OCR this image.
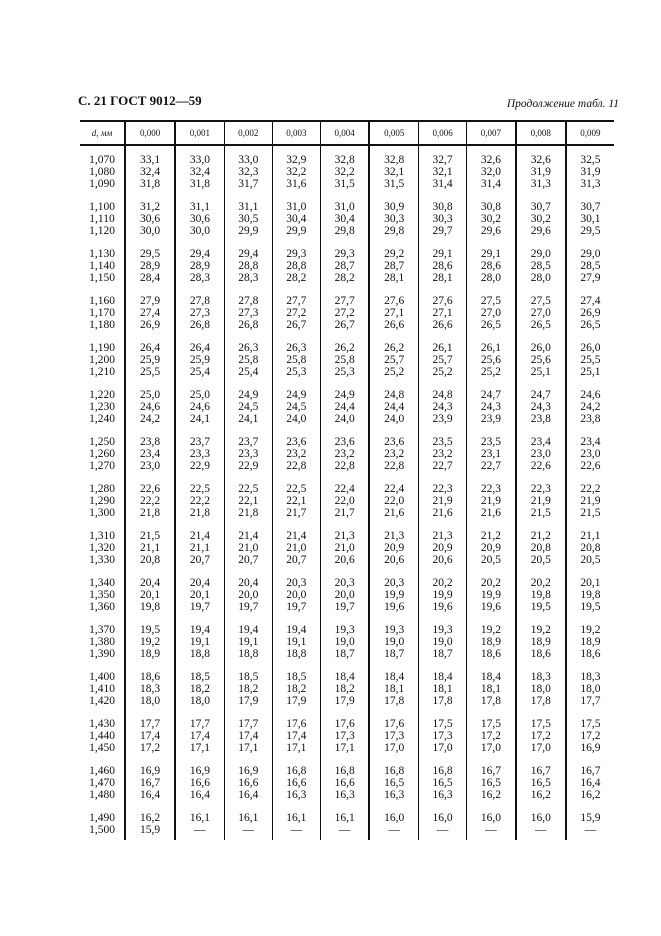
С. 21 ГОСТ 9012—59	Продолжение табл. 11
d, мм	0,000	0,001	0,002	0,003	0,004	0,005	0,006	0,007	0,008	0,009
1,070	33,1	33,0	33,0	32,9	32,8	32,8	32,7	32,6	32,6	32,5
1,080	32,4	32,4	32,3	32,2	32,2	32,1	32,1	32,0	31,9	31,9
1,090	31,8	31,8	31,7	31,6	31,5	31,5	31,4	31,4	31,3	31,3
1,100	31,2	31,1	31,1	31,0	31,0	30,9	30,8	30,8	30,7	30,7
1,110	30,6	30,6	30,5	30,4	30,4	30,3	30,3	30,2	30,2	30,1
1,120	30,0	30,0	29,9	29,9	29,8	29,8	29,7	29,6	29,6	29,5
1,130	29,5	29,4	29,4	29,3	29,3	29,2	29,1	29,1	29,0	29,0
1,140	28,9	28,9	28,8	28,8	28,7	28,7	28,6	28,6	28,5	28,5
1,150	28,4	28,3	28,3	28,2	28,2	28,1	28,1	28,0	28,0	27,9
1,160	27,9	27,8	27,8	27,7	27,7	27,6	27,6	27,5	27,5	27,4
1,170	27,4	27,3	27,3	27,2	27,2	27,1	27,1	27,0	27,0	26,9
1,180	26,9	26,8	26,8	26,7	26,7	26,6	26,6	26,5	26,5	26,5
1,190	26,4	26,4	26,3	26,3	26,2	26,2	26,1	26,1	26,0	26,0
1,200	25,9	25,9	25,8	25,8	25,8	25,7	25,7	25,6	25,6	25,5
1,210	25,5	25,4	25,4	25,3	25,3	25,2	25,2	25,2	25,1	25,1
1,220	25,0	25,0	24,9	24,9	24,9	24,8	24,8	24,7	24,7	24,6
1,230	24,6	24,6	24,5	24,5	24,4	24,4	24,3	24,3	24,3	24,2
1,240	24,2	24,1	24,1	24,0	24,0	24,0	23,9	23,9	23,8	23,8
1,250	23,8	23,7	23,7	23,6	23,6	23,6	23,5	23,5	23,4	23,4
1,260	23,4	23,3	23,3	23,2	23,2	23,2	23,2	23,1	23,0	23,0
1,270	23,0	22,9	22,9	22,8	22,8	22,8	22,7	22,7	22,6	22,6
1,280	22,6	22,5	22,5	22,5	22,4	22,4	22,3	22,3	22,3	22,2
1,290	22,2	22,2	22,1	22,1	22,0	22,0	21,9	21,9	21,9	21,9
1,300	21,8	21,8	21,8	21,7	21,7	21,6	21,6	21,6	21,5	21,5
1,310	21,5	21,4	21,4	21,4	21,3	21,3	21,3	21,2	21,2	21,1
1,320	21,1	21,1	21,0	21,0	21,0	20,9	20,9	20,9	20,8	20,8
1,330	20,8	20,7	20,7	20,7	20,6	20,6	20,6	20,5	20,5	20,5
1,340	20,4	20,4	20,4	20,3	20,3	20,3	20,2	20,2	20,2	20,1
1,350	20,1	20,1	20,0	20,0	20,0	19,9	19,9	19,9	19,8	19,8
1,360	19,8	19,7	19,7	19,7	19,7	19,6	19,6	19,6	19,5	19,5
1,370	19,5	19,4	19,4	19,4	19,3	19,3	19,3	19,2	19,2	19,2
1,380	19,2	19,1	19,1	19,1	19,0	19,0	19,0	18,9	18,9	18,9
1,390	18,9	18,8	18,8	18,8	18,7	18,7	18,7	18,6	18,6	18,6
1,400	18,6	18,5	18,5	18,5	18,4	18,4	18,4	18,4	18,3	18,3
1,410	18,3	18,2	18,2	18,2	18,2	18,1	18,1	18,1	18,0	18,0
1,420	18,0	18,0	17,9	17,9	17,9	17,8	17,8	17,8	17,8	17,7
1,430	17,7	17,7	17,7	17,6	17,6	17,6	17,5	17,5	17,5	17,5
1,440	17,4	17,4	17,4	17,4	17,3	17,3	17,3	17,2	17,2	17,2
1,450	17,2	17,1	17,1	17,1	17,1	17,0	17,0	17,0	17,0	16,9
1,460	16,9	16,9	16,9	16,8	16,8	16,8	16,8	16,7	16,7	16,7
1,470	16,7	16,6	16,6	16,6	16,6	16,5	16,5	16,5	16,5	16,4
1,480	16,4	16,4	16,4	16,3	16,3	16,3	16,3	16,2	16,2	16,2
1,490	16,2	16,1	16,1	16,1	16,1	16,0	16,0	16,0	16,0	15,9
1,500	15,9	—	—	—	—	—	—	—	—	—
